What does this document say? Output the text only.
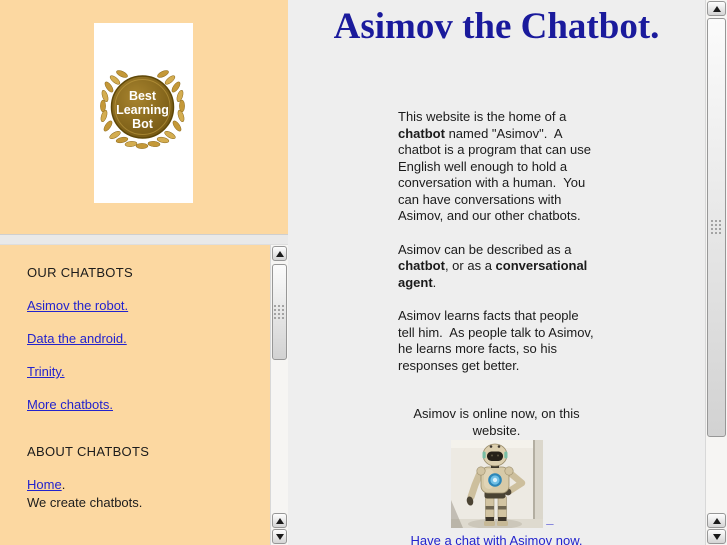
Best
Learning
Bot
OUR CHATBOTS
Asimov the robot.
Data the android.
Trinity.
More chatbots.
ABOUT CHATBOTS
Home.
We create chatbots.
Asimov the Chatbot.

This website is the home of a chatbot named "Asimov".  A chatbot is a program that can use English well enough to hold a conversation with a human.  You can have conversations with Asimov, and our other chatbots.

Asimov can be described as a chatbot, or as a conversational agent.

Asimov learns facts that people tell him.  As people talk to Asimov, he learns more facts, so his responses get better.

Asimov is online now, on this website.

_
Have a chat with Asimov now.
